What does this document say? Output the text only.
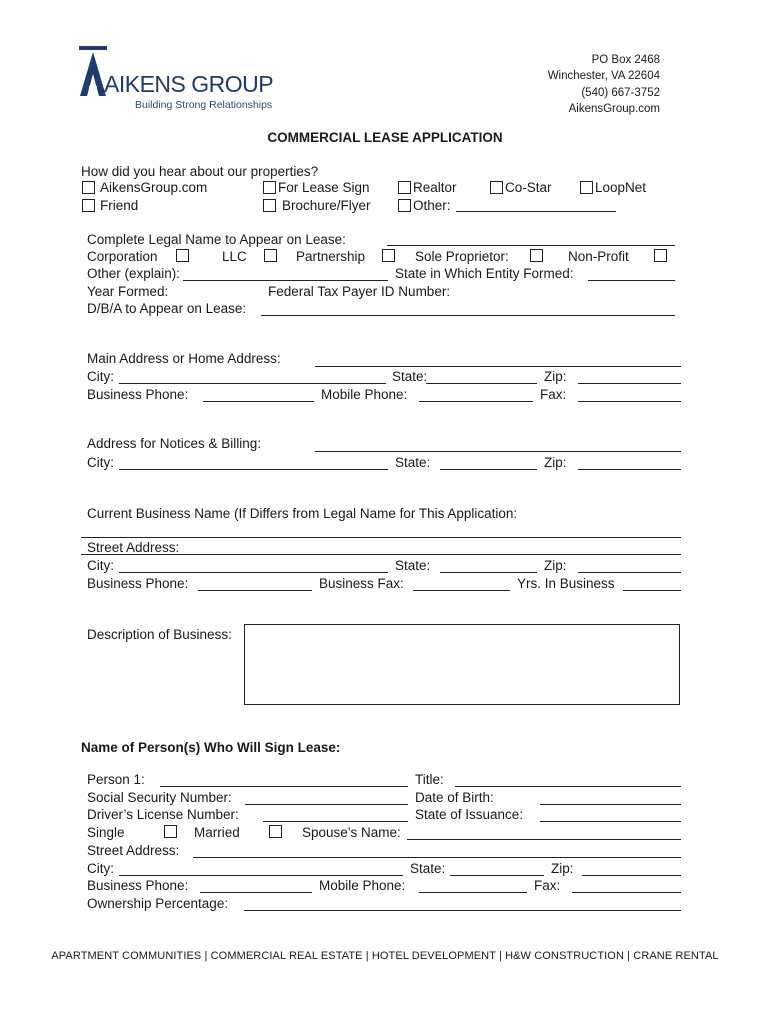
AIKENS GROUP
Building Strong Relationships
PO Box 2468
Winchester, VA 22604
(540) 667-3752
AikensGroup.com
COMMERCIAL LEASE APPLICATION
How did you hear about our properties?
AikensGroup.com
Friend
For Lease Sign
Brochure/Flyer
Realtor
Other:
Co-Star	LoopNet
Complete Legal Name to Appear on Lease:
Corporation	LLC	Partnership	Sole Proprietor:	Non-Profit
Other (explain):	State in Which Entity Formed:
Year Formed:	Federal Tax Payer ID Number:
D/B/A to Appear on Lease:
Main Address or Home Address:
City:	State:	Zip:
Business Phone:	Mobile Phone:	Fax:
Address for Notices & Billing:
City:	State:	Zip:
Current Business Name (If Differs from Legal Name for This Application:
Street Address:
City:	State:	Zip:
Business Phone:	Business Fax:	Yrs. In Business
Description of Business:
Name of Person(s) Who Will Sign Lease:
Person 1:	Title:
Social Security Number:	Date of Birth:
Driver’s License Number:	State of Issuance:
Single	Married	Spouse’s Name:
Street Address:
City:	State:	Zip:
Business Phone:	Mobile Phone:	Fax:
Ownership Percentage:
APARTMENT COMMUNITIES | COMMERCIAL REAL ESTATE | HOTEL DEVELOPMENT | H&W CONSTRUCTION | CRANE RENTAL
